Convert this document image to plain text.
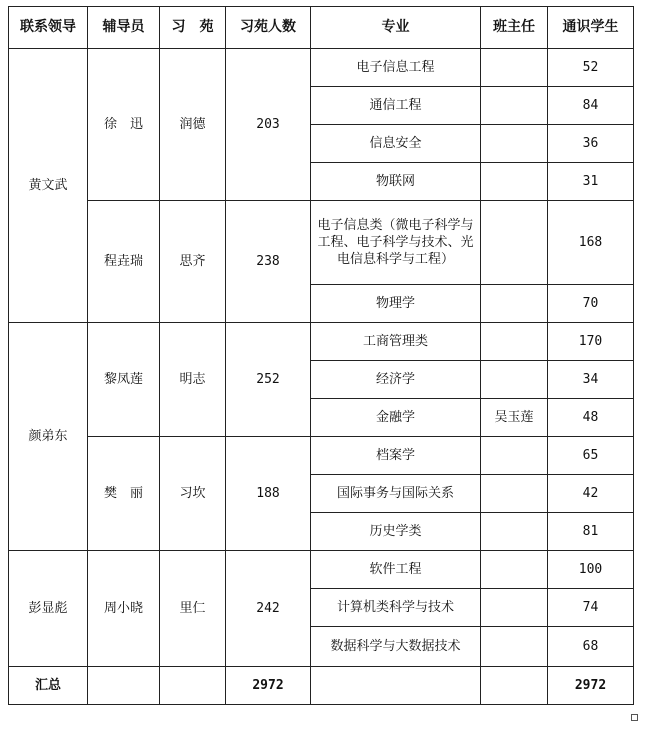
联系领导	辅导员	习　苑	习苑人数	专业	班主任	通识学生
黄文武	徐　迅	润德	203	电子信息工程		52
				通信工程		84
				信息安全		36
				物联网		31
	程垚瑞	思齐	238	电子信息类（微电子科学与工程、电子科学与技术、光电信息科学与工程）		168
				物理学		70
颜弟东	黎凤莲	明志	252	工商管理类		170
				经济学		34
				金融学	吴玉莲	48
	樊　丽	习坎	188	档案学		65
				国际事务与国际关系		42
				历史学类		81
彭显彪	周小晓	里仁	242	软件工程		100
				计算机类科学与技术		74
				数据科学与大数据技术		68
汇总			2972			2972
